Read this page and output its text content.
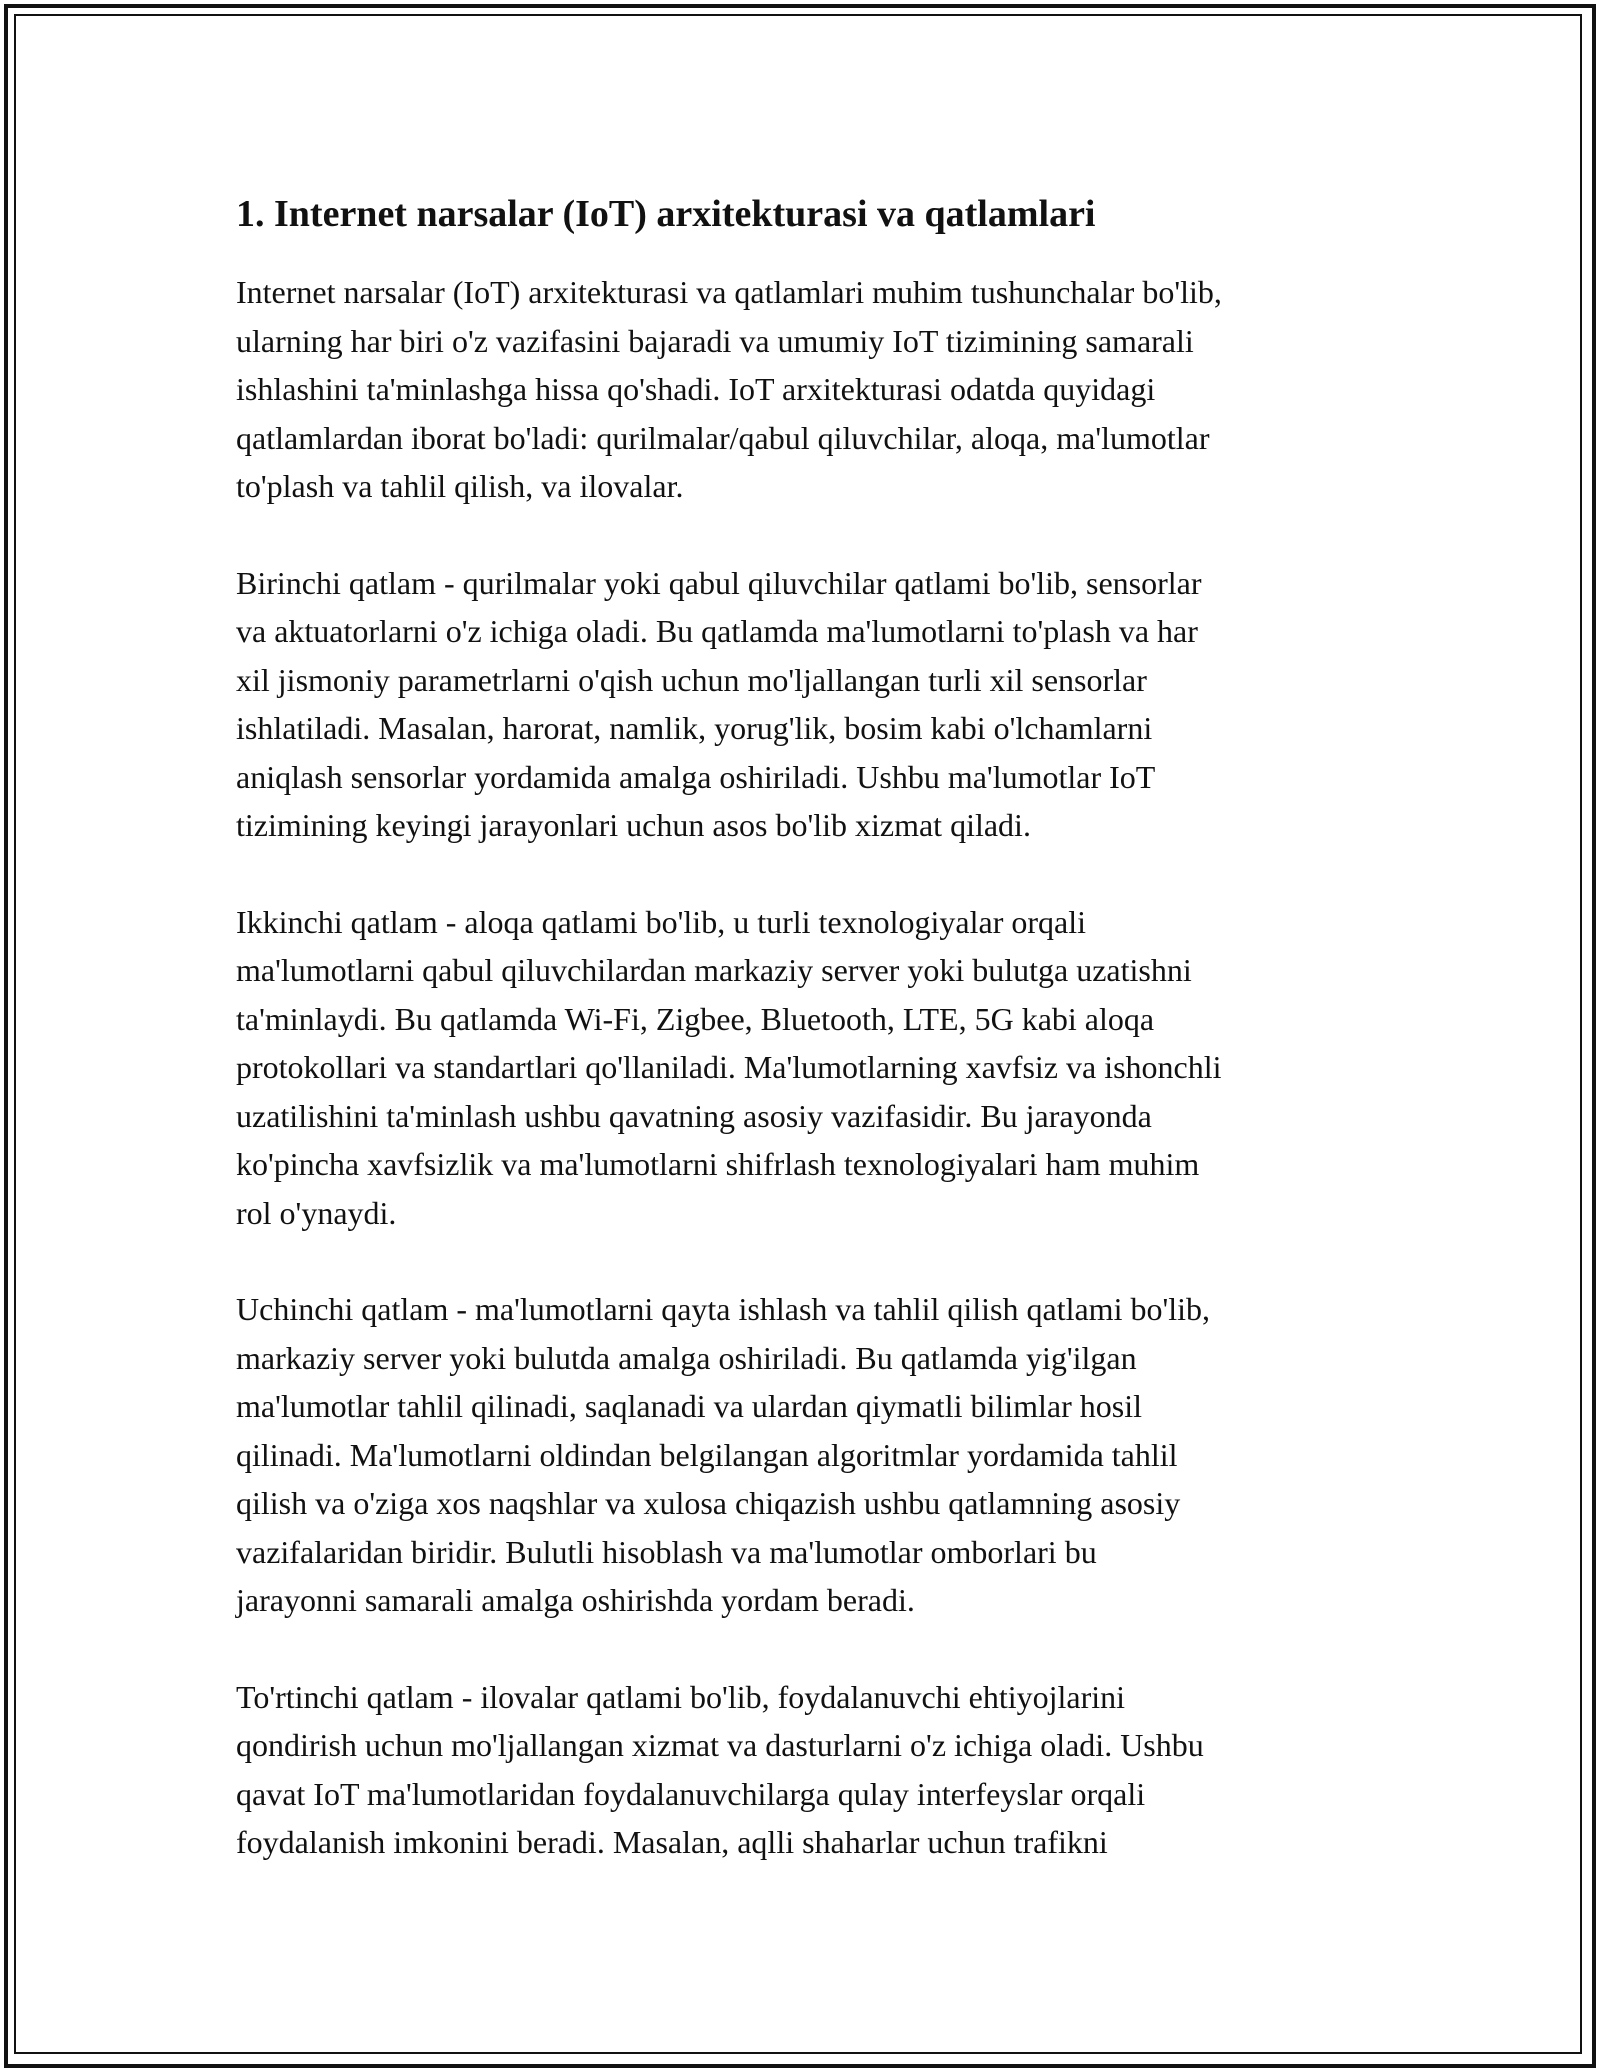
1. Internet narsalar (IoT) arxitekturasi va qatlamlari

Internet narsalar (IoT) arxitekturasi va qatlamlari muhim tushunchalar bo'lib,
ularning har biri o'z vazifasini bajaradi va umumiy IoT tizimining samarali
ishlashini ta'minlashga hissa qo'shadi. IoT arxitekturasi odatda quyidagi
qatlamlardan iborat bo'ladi: qurilmalar/qabul qiluvchilar, aloqa, ma'lumotlar
to'plash va tahlil qilish, va ilovalar.

Birinchi qatlam - qurilmalar yoki qabul qiluvchilar qatlami bo'lib, sensorlar
va aktuatorlarni o'z ichiga oladi. Bu qatlamda ma'lumotlarni to'plash va har
xil jismoniy parametrlarni o'qish uchun mo'ljallangan turli xil sensorlar
ishlatiladi. Masalan, harorat, namlik, yorug'lik, bosim kabi o'lchamlarni
aniqlash sensorlar yordamida amalga oshiriladi. Ushbu ma'lumotlar IoT
tizimining keyingi jarayonlari uchun asos bo'lib xizmat qiladi.

Ikkinchi qatlam - aloqa qatlami bo'lib, u turli texnologiyalar orqali
ma'lumotlarni qabul qiluvchilardan markaziy server yoki bulutga uzatishni
ta'minlaydi. Bu qatlamda Wi-Fi, Zigbee, Bluetooth, LTE, 5G kabi aloqa
protokollari va standartlari qo'llaniladi. Ma'lumotlarning xavfsiz va ishonchli
uzatilishini ta'minlash ushbu qavatning asosiy vazifasidir. Bu jarayonda
ko'pincha xavfsizlik va ma'lumotlarni shifrlash texnologiyalari ham muhim
rol o'ynaydi.

Uchinchi qatlam - ma'lumotlarni qayta ishlash va tahlil qilish qatlami bo'lib,
markaziy server yoki bulutda amalga oshiriladi. Bu qatlamda yig'ilgan
ma'lumotlar tahlil qilinadi, saqlanadi va ulardan qiymatli bilimlar hosil
qilinadi. Ma'lumotlarni oldindan belgilangan algoritmlar yordamida tahlil
qilish va o'ziga xos naqshlar va xulosa chiqazish ushbu qatlamning asosiy
vazifalaridan biridir. Bulutli hisoblash va ma'lumotlar omborlari bu
jarayonni samarali amalga oshirishda yordam beradi.

To'rtinchi qatlam - ilovalar qatlami bo'lib, foydalanuvchi ehtiyojlarini
qondirish uchun mo'ljallangan xizmat va dasturlarni o'z ichiga oladi. Ushbu
qavat IoT ma'lumotlaridan foydalanuvchilarga qulay interfeyslar orqali
foydalanish imkonini beradi. Masalan, aqlli shaharlar uchun trafikni
